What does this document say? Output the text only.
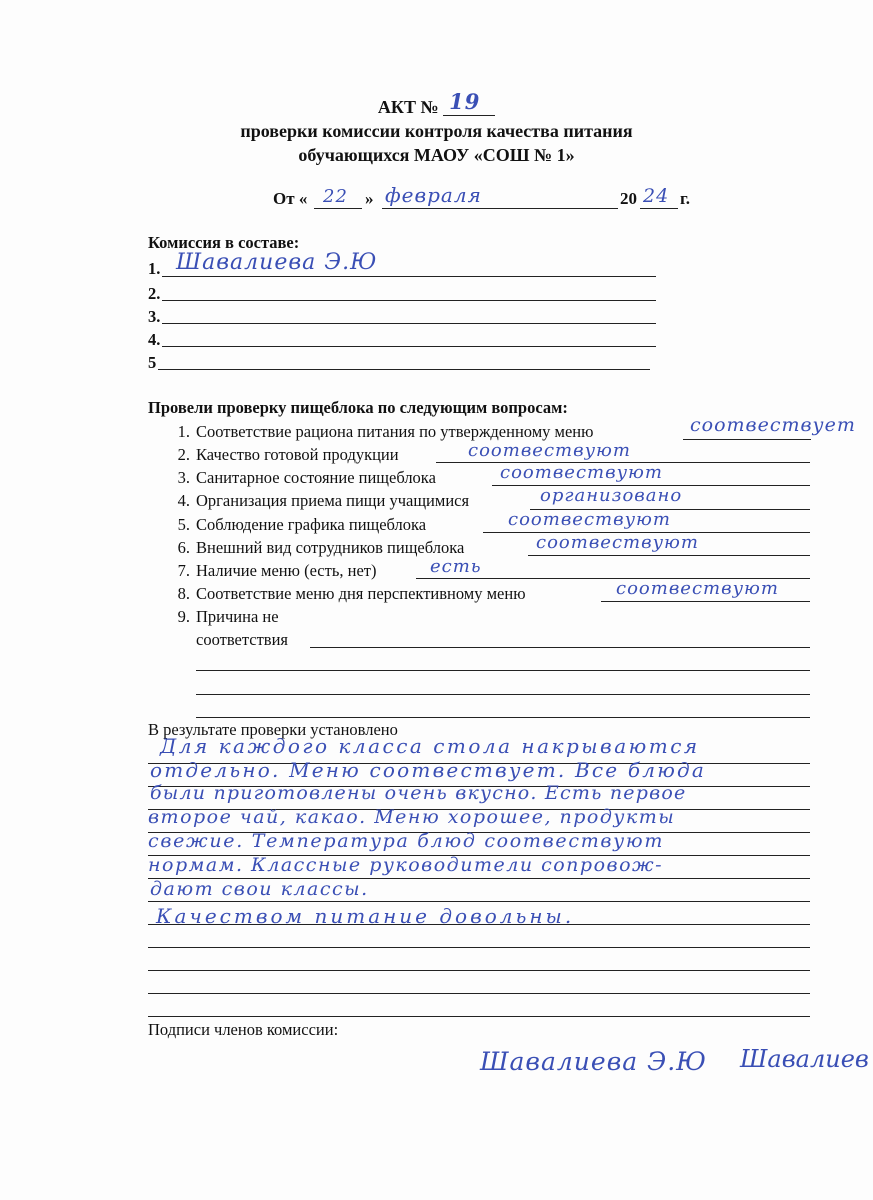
АКТ № 19
проверки комиссии контроля качества питания
обучающихся МАОУ «СОШ № 1»
От « 22 » февраля	20 24 г.
Комиссия в составе:
1. Шавалиева Э.Ю
2.
3.
4.
5
Провели проверку пищеблока по следующим вопросам:
1. Соответствие рациона питания по утвержденному меню	соотвествует
2. Качество готовой продукции	соотвествуют
3. Санитарное состояние пищеблока	соотвествуют
4. Организация приема пищи учащимися	организовано
5. Соблюдение графика пищеблока	соотвествуют
6. Внешний вид сотрудников пищеблока	соотвествуют
7. Наличие меню (есть, нет)	есть
8. Соответствие меню дня перспективному меню	соотвествуют
9. Причина не
соответствия
В результате проверки установлено
Для каждого класса стола накрываются
отдельно. Меню соотвествует. Все блюда
были приготовлены очень вкусно. Есть первое
второе чай, какао. Меню хорошее, продукты
свежие. Температура блюд соотвествуют
нормам. Классные руководители сопровож-
дают свои классы.
Качеством питание довольны.
Подписи членов комиссии:
Шавалиева Э.Ю Шавалиев
